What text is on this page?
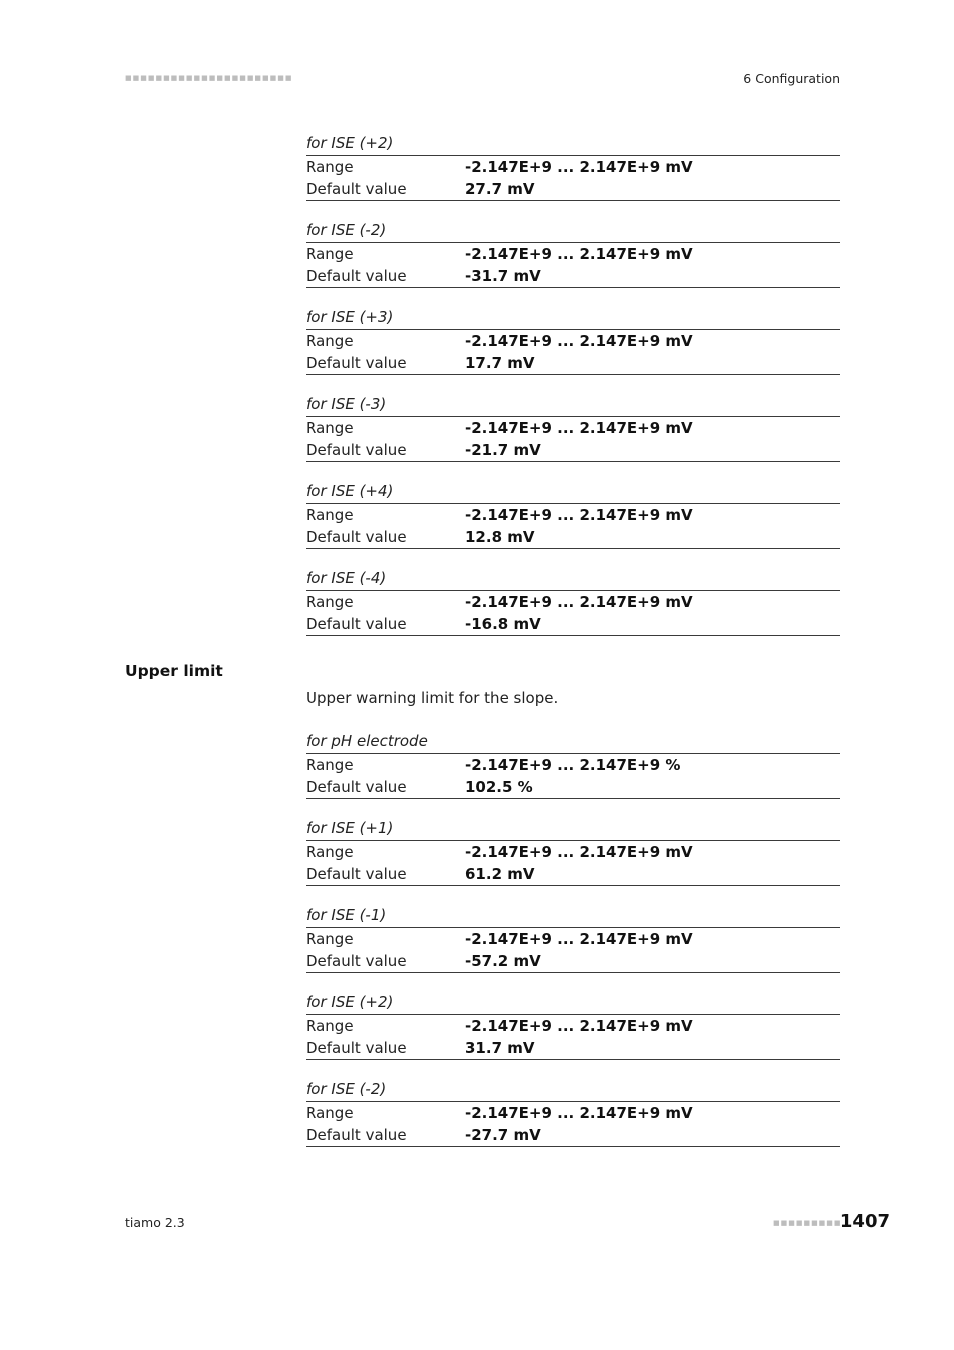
■■■■■■■■■■■■■■■■■■■■■■	6 Configuration
for ISE (+2)
Range	-2.147E+9 ... 2.147E+9 mV
Default value	27.7 mV
for ISE (-2)
Range	-2.147E+9 ... 2.147E+9 mV
Default value	-31.7 mV
for ISE (+3)
Range	-2.147E+9 ... 2.147E+9 mV
Default value	17.7 mV
for ISE (-3)
Range	-2.147E+9 ... 2.147E+9 mV
Default value	-21.7 mV
for ISE (+4)
Range	-2.147E+9 ... 2.147E+9 mV
Default value	12.8 mV
for ISE (-4)
Range	-2.147E+9 ... 2.147E+9 mV
Default value	-16.8 mV
Upper limit
Upper warning limit for the slope.
for pH electrode
Range	-2.147E+9 ... 2.147E+9 %
Default value	102.5 %
for ISE (+1)
Range	-2.147E+9 ... 2.147E+9 mV
Default value	61.2 mV
for ISE (-1)
Range	-2.147E+9 ... 2.147E+9 mV
Default value	-57.2 mV
for ISE (+2)
Range	-2.147E+9 ... 2.147E+9 mV
Default value	31.7 mV
for ISE (-2)
Range	-2.147E+9 ... 2.147E+9 mV
Default value	-27.7 mV
tiamo 2.3	■■■■■■■■■
1407
